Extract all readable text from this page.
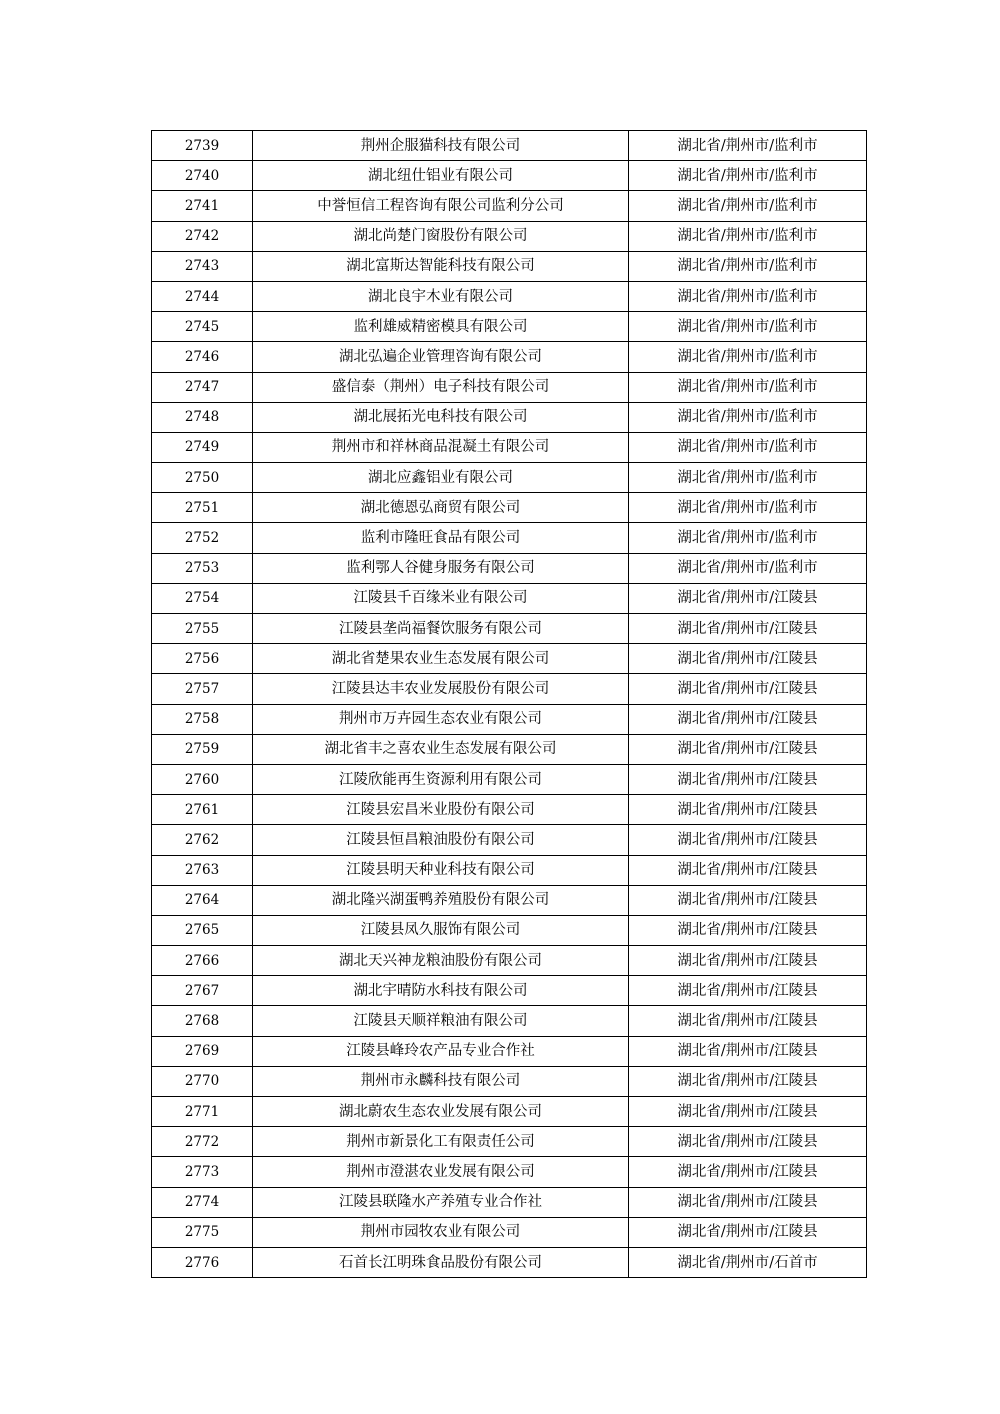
2739	荆州企服猫科技有限公司	湖北省/荆州市/监利市
2740	湖北纽仕铝业有限公司	湖北省/荆州市/监利市
2741	中誉恒信工程咨询有限公司监利分公司	湖北省/荆州市/监利市
2742	湖北尚楚门窗股份有限公司	湖北省/荆州市/监利市
2743	湖北富斯达智能科技有限公司	湖北省/荆州市/监利市
2744	湖北良宇木业有限公司	湖北省/荆州市/监利市
2745	监利雄威精密模具有限公司	湖北省/荆州市/监利市
2746	湖北弘遍企业管理咨询有限公司	湖北省/荆州市/监利市
2747	盛信泰（荆州）电子科技有限公司	湖北省/荆州市/监利市
2748	湖北展拓光电科技有限公司	湖北省/荆州市/监利市
2749	荆州市和祥林商品混凝土有限公司	湖北省/荆州市/监利市
2750	湖北应鑫铝业有限公司	湖北省/荆州市/监利市
2751	湖北德恩弘商贸有限公司	湖北省/荆州市/监利市
2752	监利市隆旺食品有限公司	湖北省/荆州市/监利市
2753	监利鄂人谷健身服务有限公司	湖北省/荆州市/监利市
2754	江陵县千百缘米业有限公司	湖北省/荆州市/江陵县
2755	江陵县垄尚福餐饮服务有限公司	湖北省/荆州市/江陵县
2756	湖北省楚果农业生态发展有限公司	湖北省/荆州市/江陵县
2757	江陵县达丰农业发展股份有限公司	湖北省/荆州市/江陵县
2758	荆州市万卉园生态农业有限公司	湖北省/荆州市/江陵县
2759	湖北省丰之喜农业生态发展有限公司	湖北省/荆州市/江陵县
2760	江陵欣能再生资源利用有限公司	湖北省/荆州市/江陵县
2761	江陵县宏昌米业股份有限公司	湖北省/荆州市/江陵县
2762	江陵县恒昌粮油股份有限公司	湖北省/荆州市/江陵县
2763	江陵县明天种业科技有限公司	湖北省/荆州市/江陵县
2764	湖北隆兴湖蛋鸭养殖股份有限公司	湖北省/荆州市/江陵县
2765	江陵县凤久服饰有限公司	湖北省/荆州市/江陵县
2766	湖北天兴神龙粮油股份有限公司	湖北省/荆州市/江陵县
2767	湖北宇晴防水科技有限公司	湖北省/荆州市/江陵县
2768	江陵县天顺祥粮油有限公司	湖北省/荆州市/江陵县
2769	江陵县峰玲农产品专业合作社	湖北省/荆州市/江陵县
2770	荆州市永麟科技有限公司	湖北省/荆州市/江陵县
2771	湖北蔚农生态农业发展有限公司	湖北省/荆州市/江陵县
2772	荆州市新景化工有限责任公司	湖北省/荆州市/江陵县
2773	荆州市澄湛农业发展有限公司	湖北省/荆州市/江陵县
2774	江陵县联隆水产养殖专业合作社	湖北省/荆州市/江陵县
2775	荆州市园牧农业有限公司	湖北省/荆州市/江陵县
2776	石首长江明珠食品股份有限公司	湖北省/荆州市/石首市
